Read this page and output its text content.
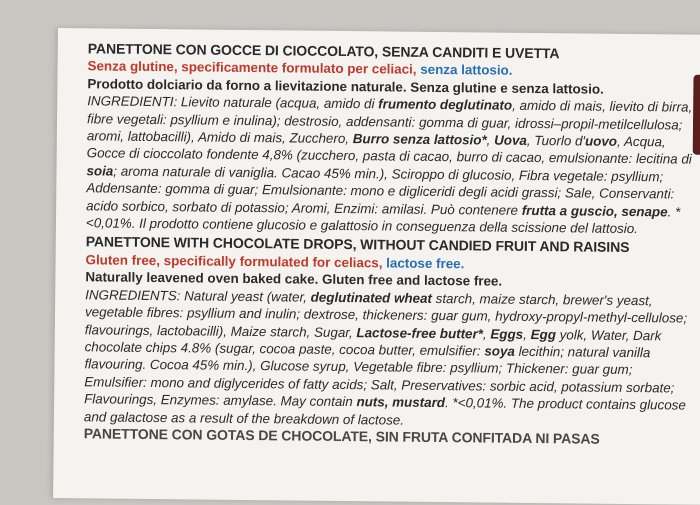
PANETTONE CON GOCCE DI CIOCCOLATO, SENZA CANDITI E UVETTA

Senza glutine, specificamente formulato per celiaci, senza lattosio.

Prodotto dolciario da forno a lievitazione naturale. Senza glutine e senza lattosio.

INGREDIENTI: Lievito naturale (acqua, amido di frumento deglutinato, amido di mais, lievito di birra, fibre vegetali: psyllium e inulina); destrosio, addensanti: gomma di guar, idrossi–propil-metilcellulosa; aromi, lattobacilli), Amido di mais, Zucchero, Burro senza lattosio*, Uova, Tuorlo d'uovo, Acqua, Gocce di cioccolato fondente 4,8% (zucchero, pasta di cacao, burro di cacao, emulsionante: lecitina di soia; aroma naturale di vaniglia. Cacao 45% min.), Sciroppo di glucosio, Fibra vegetale: psyllium; Addensante: gomma di guar; Emulsionante: mono e digliceridi degli acidi grassi; Sale, Conservanti: acido sorbico, sorbato di potassio; Aromi, Enzimi: amilasi. Può contenere frutta a guscio, senape. *<0,01%. Il prodotto contiene glucosio e galattosio in conseguenza della scissione del lattosio.

PANETTONE WITH CHOCOLATE DROPS, WITHOUT CANDIED FRUIT AND RAISINS

Gluten free, specifically formulated for celiacs, lactose free.

Naturally leavened oven baked cake. Gluten free and lactose free.

INGREDIENTS: Natural yeast (water, deglutinated wheat starch, maize starch, brewer's yeast, vegetable fibres: psyllium and inulin; dextrose, thickeners: guar gum, hydroxy-propyl-methyl-cellulose; flavourings, lactobacilli), Maize starch, Sugar, Lactose-free butter*, Eggs, Egg yolk, Water, Dark chocolate chips 4.8% (sugar, cocoa paste, cocoa butter, emulsifier: soya lecithin; natural vanilla flavouring. Cocoa 45% min.), Glucose syrup, Vegetable fibre: psyllium; Thickener: guar gum; Emulsifier: mono and diglycerides of fatty acids; Salt, Preservatives: sorbic acid, potassium sorbate; Flavourings, Enzymes: amylase. May contain nuts, mustard. *<0,01%. The product contains glucose and galactose as a result of the breakdown of lactose.

PANETTONE CON GOTAS DE CHOCOLATE, SIN FRUTA CONFITADA NI PASAS
